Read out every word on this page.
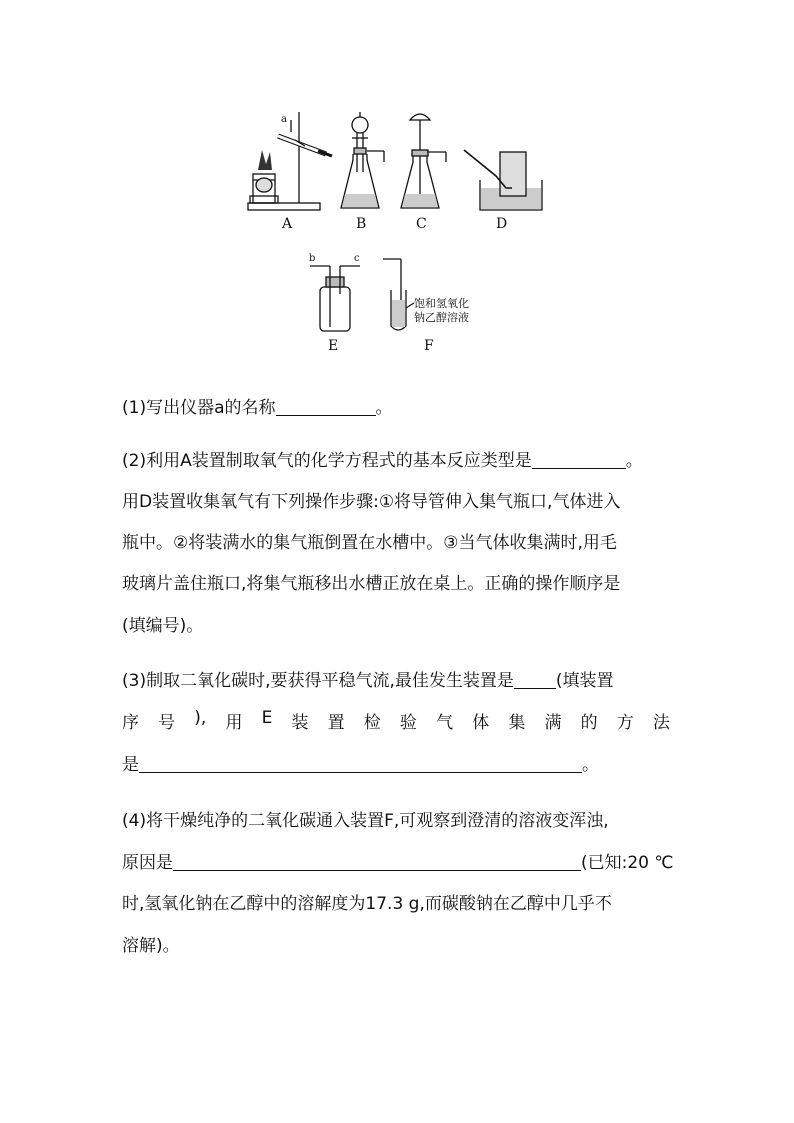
A	B	C	D
E	F
a
b	c
饱和氢氧化
钠乙醇溶液
(1)写出仪器a的名称	。
(2)利用A装置制取氧气的化学方程式的基本反应类型是	。
用D装置收集氧气有下列操作步骤:①将导管伸入集气瓶口,气体进入
瓶中。②将装满水的集气瓶倒置在水槽中。③当气体收集满时,用毛
玻璃片盖住瓶口,将集气瓶移出水槽正放在桌上。正确的操作顺序是
(填编号)。
(3)制取二氧化碳时,要获得平稳气流,最佳发生装置是 (填装置
序 号 ), 用 E 装 置 检 验 气 体 集 满 的 方 法
是	。
(4)将干燥纯净的二氧化碳通入装置F,可观察到澄清的溶液变浑浊,
原因是	(已知:20 ℃
时,氢氧化钠在乙醇中的溶解度为17.3 g,而碳酸钠在乙醇中几乎不
溶解)。
